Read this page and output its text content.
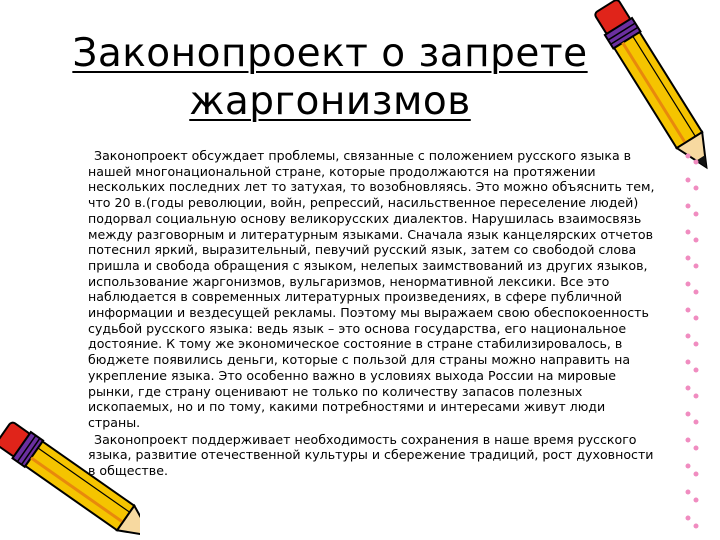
Законопроект о запрете
жаргонизмов

Законопроект обсуждает проблемы, связанные с положением русского языка в нашей многонациональной стране, которые продолжаются на протяжении нескольких последних лет то затухая, то возобновляясь. Это можно объяснить тем, что 20 в.(годы революции, войн, репрессий, насильственное переселение людей) подорвал социальную основу великорусских диалектов. Нарушилась взаимосвязь между разговорным и литературным языками. Сначала язык канцелярских отчетов потеснил яркий, выразительный, певучий русский язык, затем со свободой слова пришла и свобода обращения с языком, нелепых заимствований из других языков, использование жаргонизмов, вульгаризмов, ненормативной лексики. Все это наблюдается в современных литературных произведениях, в сфере публичной информации и вездесущей рекламы. Поэтому мы выражаем свою обеспокоенность судьбой русского языка: ведь язык – это основа государства, его национальное достояние. К тому же экономическое состояние в стране стабилизировалось, в бюджете появились деньги, которые с пользой для страны можно направить на укрепление языка. Это особенно важно в условиях выхода России на мировые рынки, где страну оценивают не только по количеству запасов полезных ископаемых, но и по тому, какими потребностями и интересами живут люди страны.

Законопроект поддерживает необходимость сохранения в наше время русского языка, развитие отечественной культуры и сбережение традиций, рост духовности в обществе.
